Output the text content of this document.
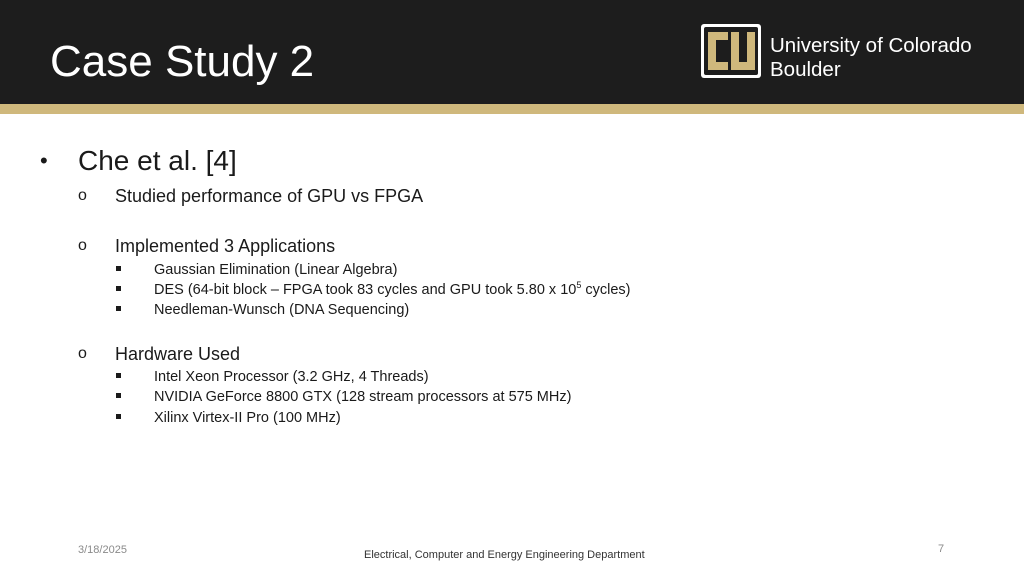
Case Study 2	University of Colorado
Boulder
• Che et al. [4]
o Studied performance of GPU vs FPGA
o Implemented 3 Applications
Gaussian Elimination (Linear Algebra)
DES (64-bit block – FPGA took 83 cycles and GPU took 5.80 x $10^5$ cycles)
Needleman-Wunsch (DNA Sequencing)
o Hardware Used
Intel Xeon Processor (3.2 GHz, 4 Threads)
NVIDIA GeForce 8800 GTX (128 stream processors at 575 MHz)
Xilinx Virtex-II Pro (100 MHz)
3/18/2025	Electrical, Computer and Energy Engineering Department	7
